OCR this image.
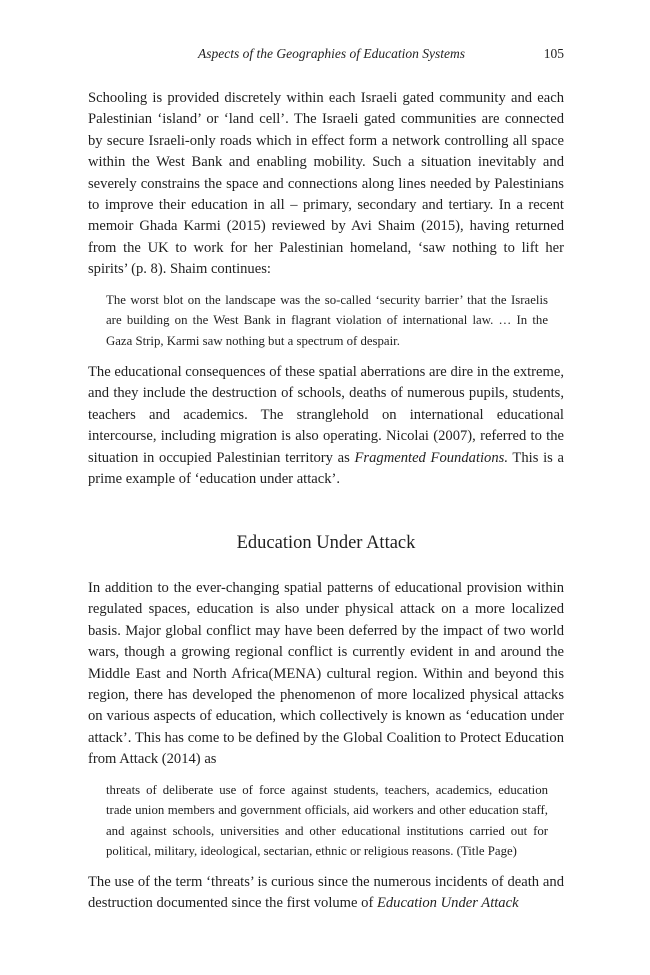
Aspects of the Geographies of Education Systems	105

Schooling is provided discretely within each Israeli gated community and each Palestinian ‘island’ or ‘land cell’. The Israeli gated communities are connected by secure Israeli-only roads which in effect form a network controlling all space within the West Bank and enabling mobility. Such a situation inevitably and severely constrains the space and connections along lines needed by Palestinians to improve their education in all – primary, secondary and tertiary. In a recent memoir Ghada Karmi (2015) reviewed by Avi Shaim (2015), having returned from the UK to work for her Palestinian homeland, ‘saw nothing to lift her spirits’ (p. 8). Shaim continues:

The worst blot on the landscape was the so-called ‘security barrier’ that the Israelis are building on the West Bank in flagrant violation of international law. … In the Gaza Strip, Karmi saw nothing but a spectrum of despair.

The educational consequences of these spatial aberrations are dire in the extreme, and they include the destruction of schools, deaths of numerous pupils, students, teachers and academics. The stranglehold on international educational intercourse, including migration is also operating. Nicolai (2007), referred to the situation in occupied Palestinian territory as Fragmented Foundations. This is a prime example of ‘education under attack’.

Education Under Attack

In addition to the ever-changing spatial patterns of educational provision within regulated spaces, education is also under physical attack on a more localized basis. Major global conflict may have been deferred by the impact of two world wars, though a growing regional conflict is currently evident in and around the Middle East and North Africa(MENA) cultural region. Within and beyond this region, there has developed the phenomenon of more localized physical attacks on various aspects of education, which collectively is known as ‘education under attack’. This has come to be defined by the Global Coalition to Protect Education from Attack (2014) as

threats of deliberate use of force against students, teachers, academics, education trade union members and government officials, aid workers and other education staff, and against schools, universities and other educational institutions carried out for political, military, ideological, sectarian, ethnic or religious reasons. (Title Page)

The use of the term ‘threats’ is curious since the numerous incidents of death and destruction documented since the first volume of Education Under Attack
